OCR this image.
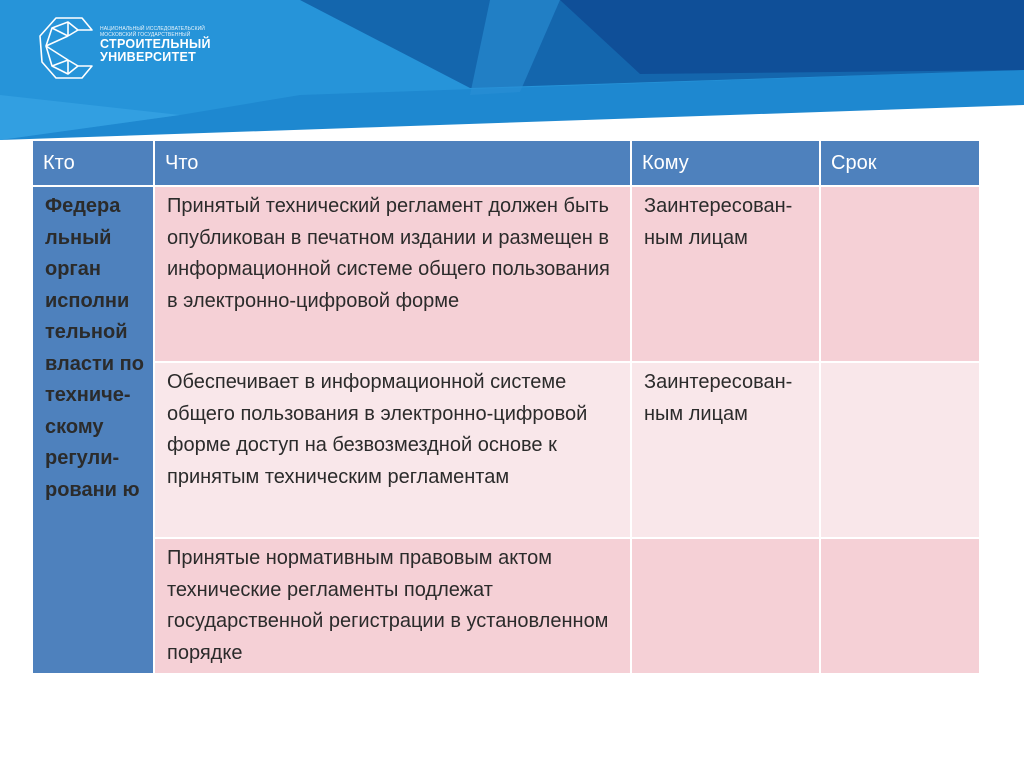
НАЦИОНАЛЬНЫЙ ИССЛЕДОВАТЕЛЬСКИЙ
МОСКОВСКИЙ ГОСУДАРСТВЕННЫЙ
СТРОИТЕЛЬНЫЙ
УНИВЕРСИТЕТ
Кто	Что	Кому	Срок
Федера льный орган исполни тельной власти по техниче- скому регули- ровани ю	Принятый технический регламент должен быть опубликован в печатном издании и размещен в информационной системе общего пользования в электронно-цифровой форме	Заинтересован- ным лицам	
	Обеспечивает в информационной системе общего пользования в электронно-цифровой форме доступ на безвозмездной основе к принятым техническим регламентам	Заинтересован- ным лицам	
	Принятые нормативным правовым актом технические регламенты подлежат государственной регистрации в установленном порядке		
